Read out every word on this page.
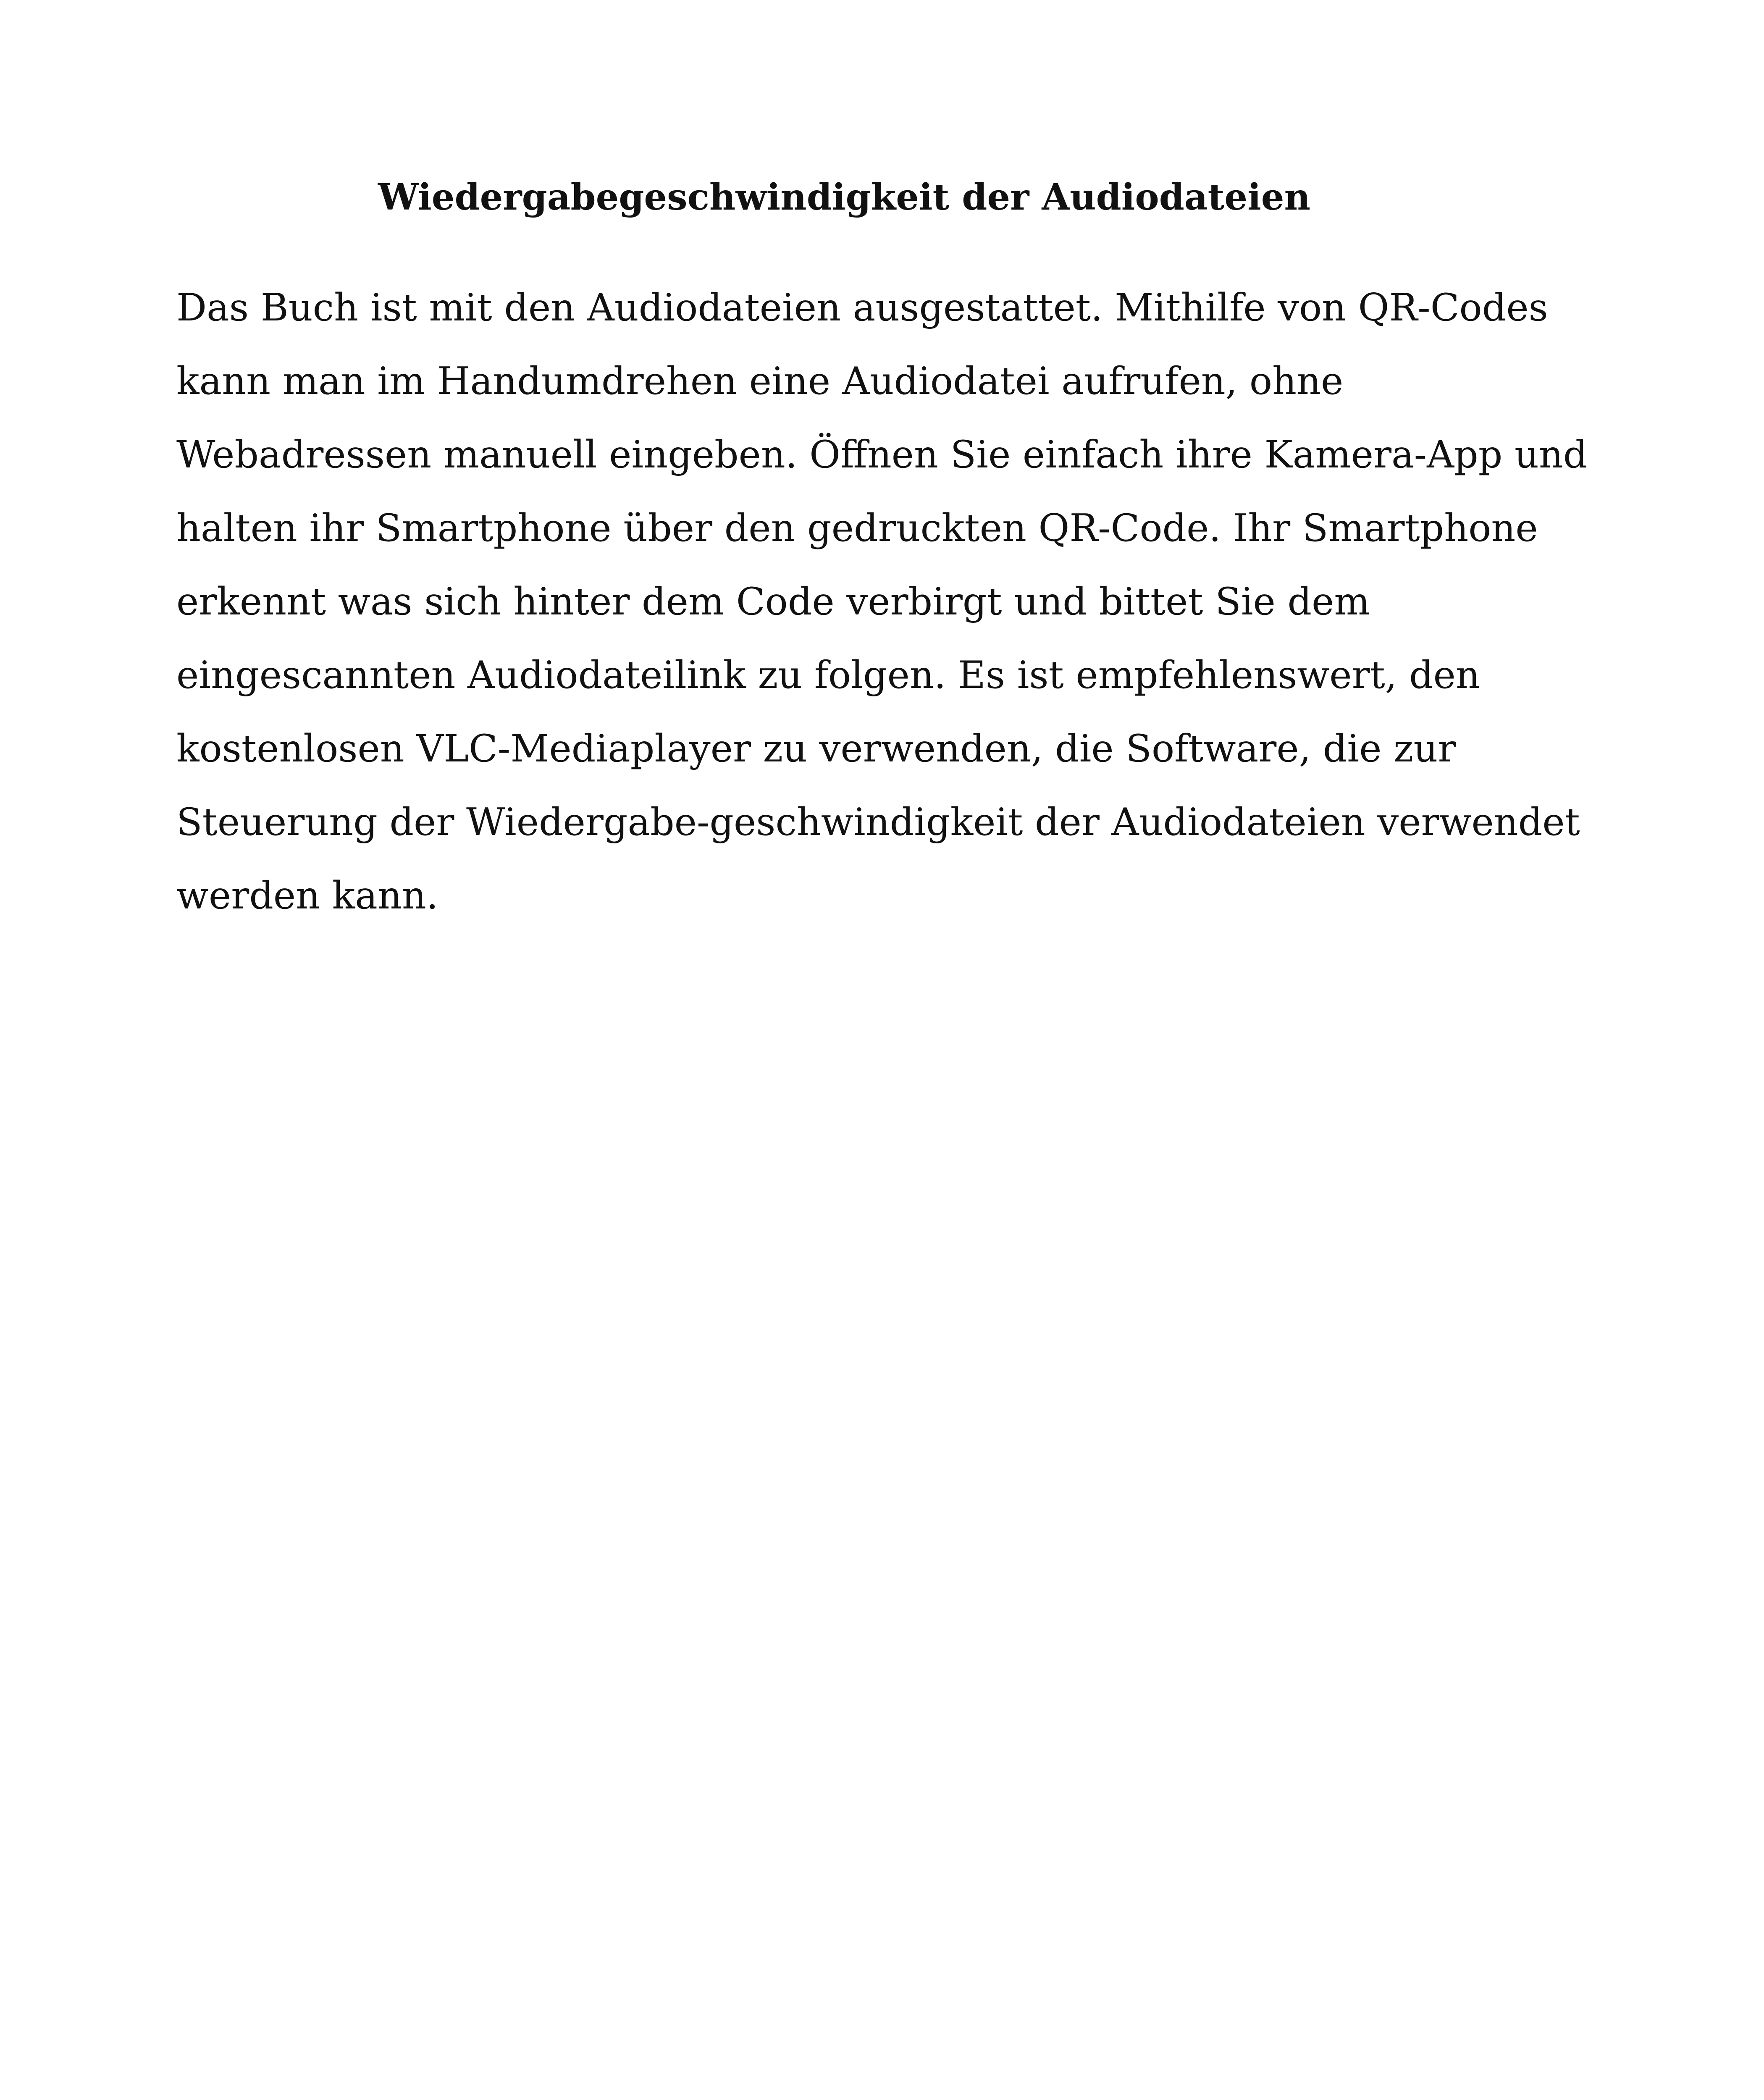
Wiedergabegeschwindigkeit der Audiodateien

Das Buch ist mit den Audiodateien ausgestattet. Mithilfe von QR-Codes
kann man im Handumdrehen eine Audiodatei aufrufen, ohne
Webadressen manuell eingeben. Öffnen Sie einfach ihre Kamera-App und
halten ihr Smartphone über den gedruckten QR-Code. Ihr Smartphone
erkennt was sich hinter dem Code verbirgt und bittet Sie dem
eingescannten Audiodateilink zu folgen. Es ist empfehlenswert, den
kostenlosen VLC-Mediaplayer zu verwenden, die Software, die zur
Steuerung der Wiedergabe-geschwindigkeit der Audiodateien verwendet
werden kann.
